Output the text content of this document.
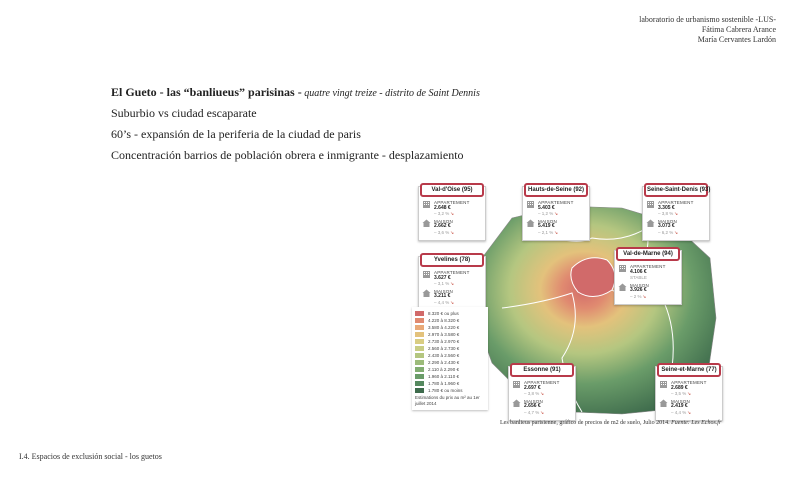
laboratorio de urbanismo sostenible -LUS-
Fátima Cabrera Arance
María Cervantes Lardón
El Gueto - las “banliueus” parisinas - quatre vingt treize - distrito de Saint Dennis
Suburbio vs ciudad escaparate
60’s - expansión de la periferia de la ciudad de paris
Concentración barrios de población obrera e inmigrante - desplazamiento
Val-d'Oise (95)
APPARTEMENT
2.648 €
– 3,2 %↘
MAISON
2.662 €
– 3,6 %↘
Hauts-de-Seine (92)
APPARTEMENT
5.403 €
– 1,2 %↘
MAISON
5.419 €
– 2,1 %↘
Seine-Saint-Denis (93)
APPARTEMENT
3.305 €
– 3,8 %↘
MAISON
3.073 €
– 6,2 %↘
Yvelines (78)
APPARTEMENT
3.627 €
– 3,1 %↘
MAISON
3.211 €
– 4,4 %↘
Val-de-Marne (94)
APPARTEMENT
4.106 €
STABLE
MAISON
3.926 €
– 2 %↘
Essonne (91)
APPARTEMENT
2.697 €
– 3,8 %↘
MAISON
2.656 €
– 4,7 %↘
Seine-et-Marne (77)
APPARTEMENT
2.689 €
– 3,5 %↘
MAISON
2.419 €
– 4,4 %↘
8.320 € ou plus
4.220 à 8.320 €
3.580 à 4.220 €
2.970 à 3.580 €
2.730 à 2.970 €
2.560 à 2.730 €
2.430 à 2.560 €
2.290 à 2.430 €
2.110 à 2.290 €
1.960 à 2.110 €
1.780 à 1.960 €
1.780 € ou moins
Estimations du prix au m² au 1er juillet 2014
Les banlieus parisienne, gráfico de precios de m2 de suelo, Julio 2014. Fuente: Les Echos.fr
I.4. Espacios de exclusión social - los guetos
